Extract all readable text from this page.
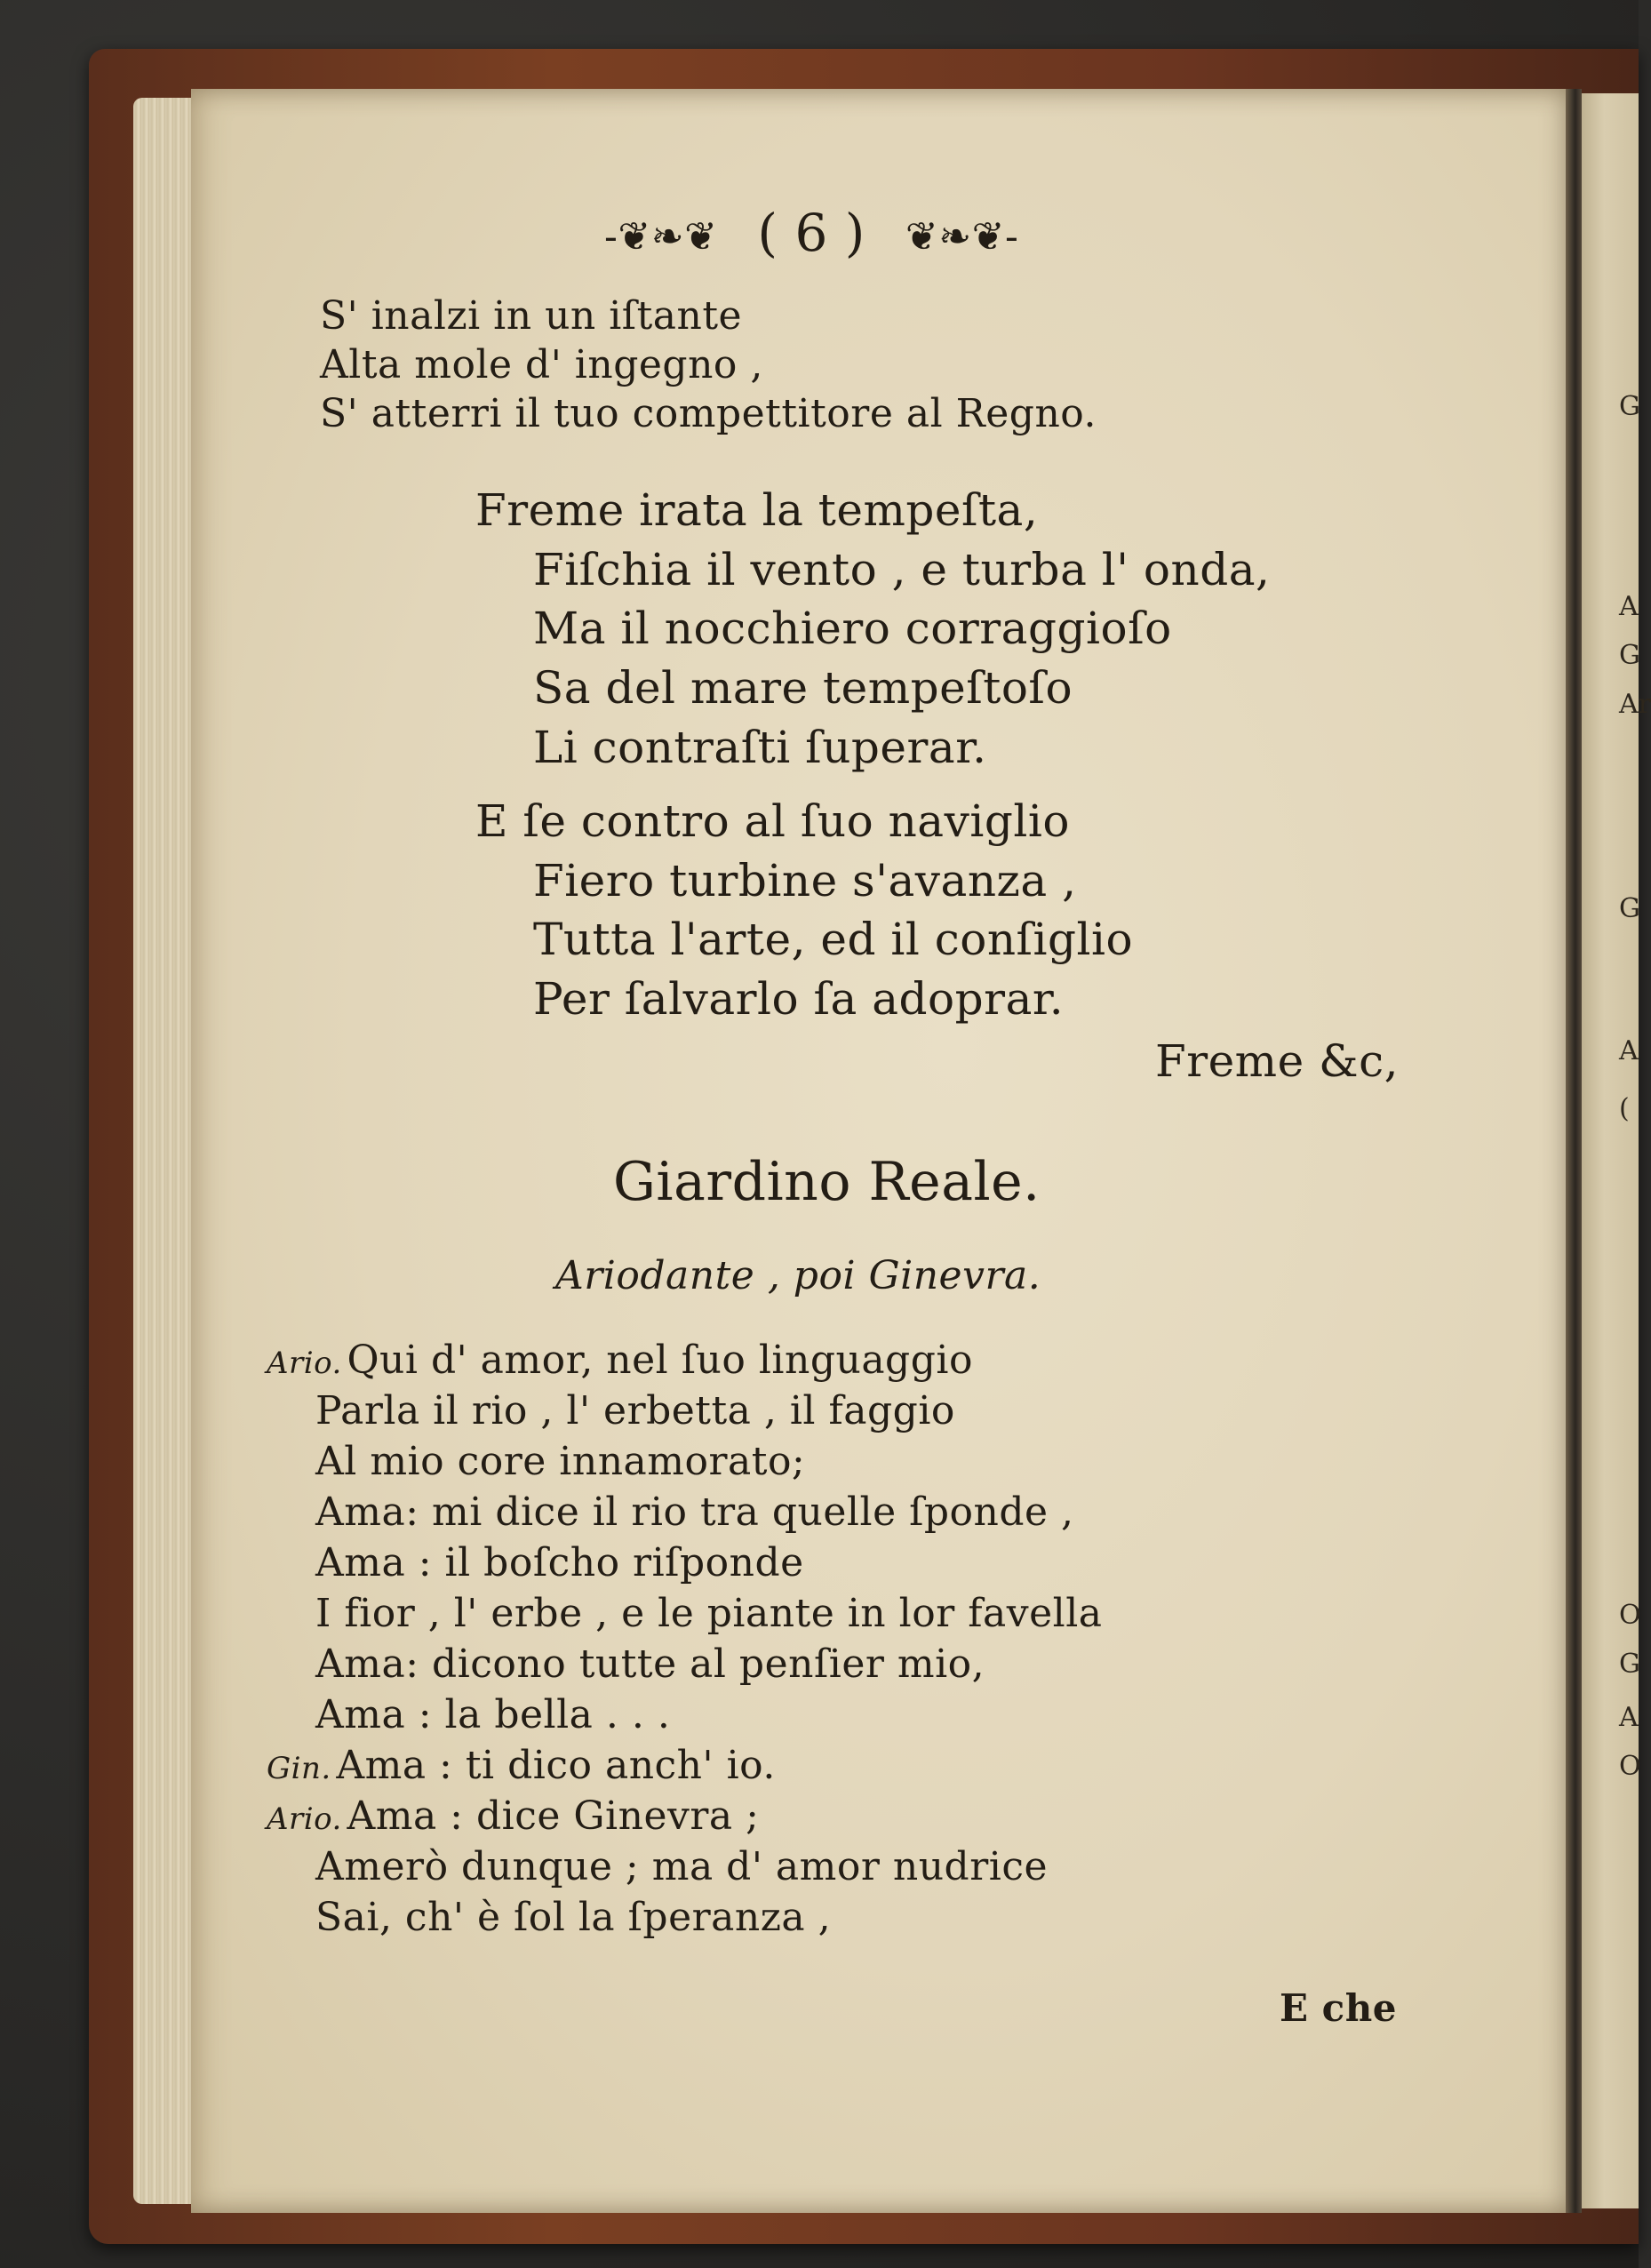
G
A
G
Ar
G
A
(
O
G
A
O
-❦❧❦ ( 6 ) ❦❧❦-
S' inalzi in un iſtante
Alta mole d' ingegno ,
S' atterri il tuo compettitore al Regno.
Freme irata la tempeſta,
Fiſchia il vento , e turba l' onda,
Ma il nocchiero corraggioſo
Sa del mare tempeſtoſo
Li contraſti ſuperar.
E ſe contro al ſuo naviglio
Fiero turbine s'avanza ,
Tutta l'arte, ed il conſiglio
Per ſalvarlo ſa adoprar.
Freme &c,
Giardino Reale.
Ariodante , poi Ginevra.
Ario. Qui d' amor, nel ſuo linguaggio
Parla il rio , l' erbetta , il faggio
Al mio core innamorato;
Ama: mi dice il rio tra quelle ſponde ,
Ama : il boſcho riſponde
I fior , l' erbe , e le piante in lor favella
Ama: dicono tutte al penſier mio,
Ama : la bella . . .
Gin. Ama : ti dico anch' io.
Ario. Ama : dice Ginevra ;
Amerò dunque ; ma d' amor nudrice
Sai, ch' è ſol la ſperanza ,
E che
